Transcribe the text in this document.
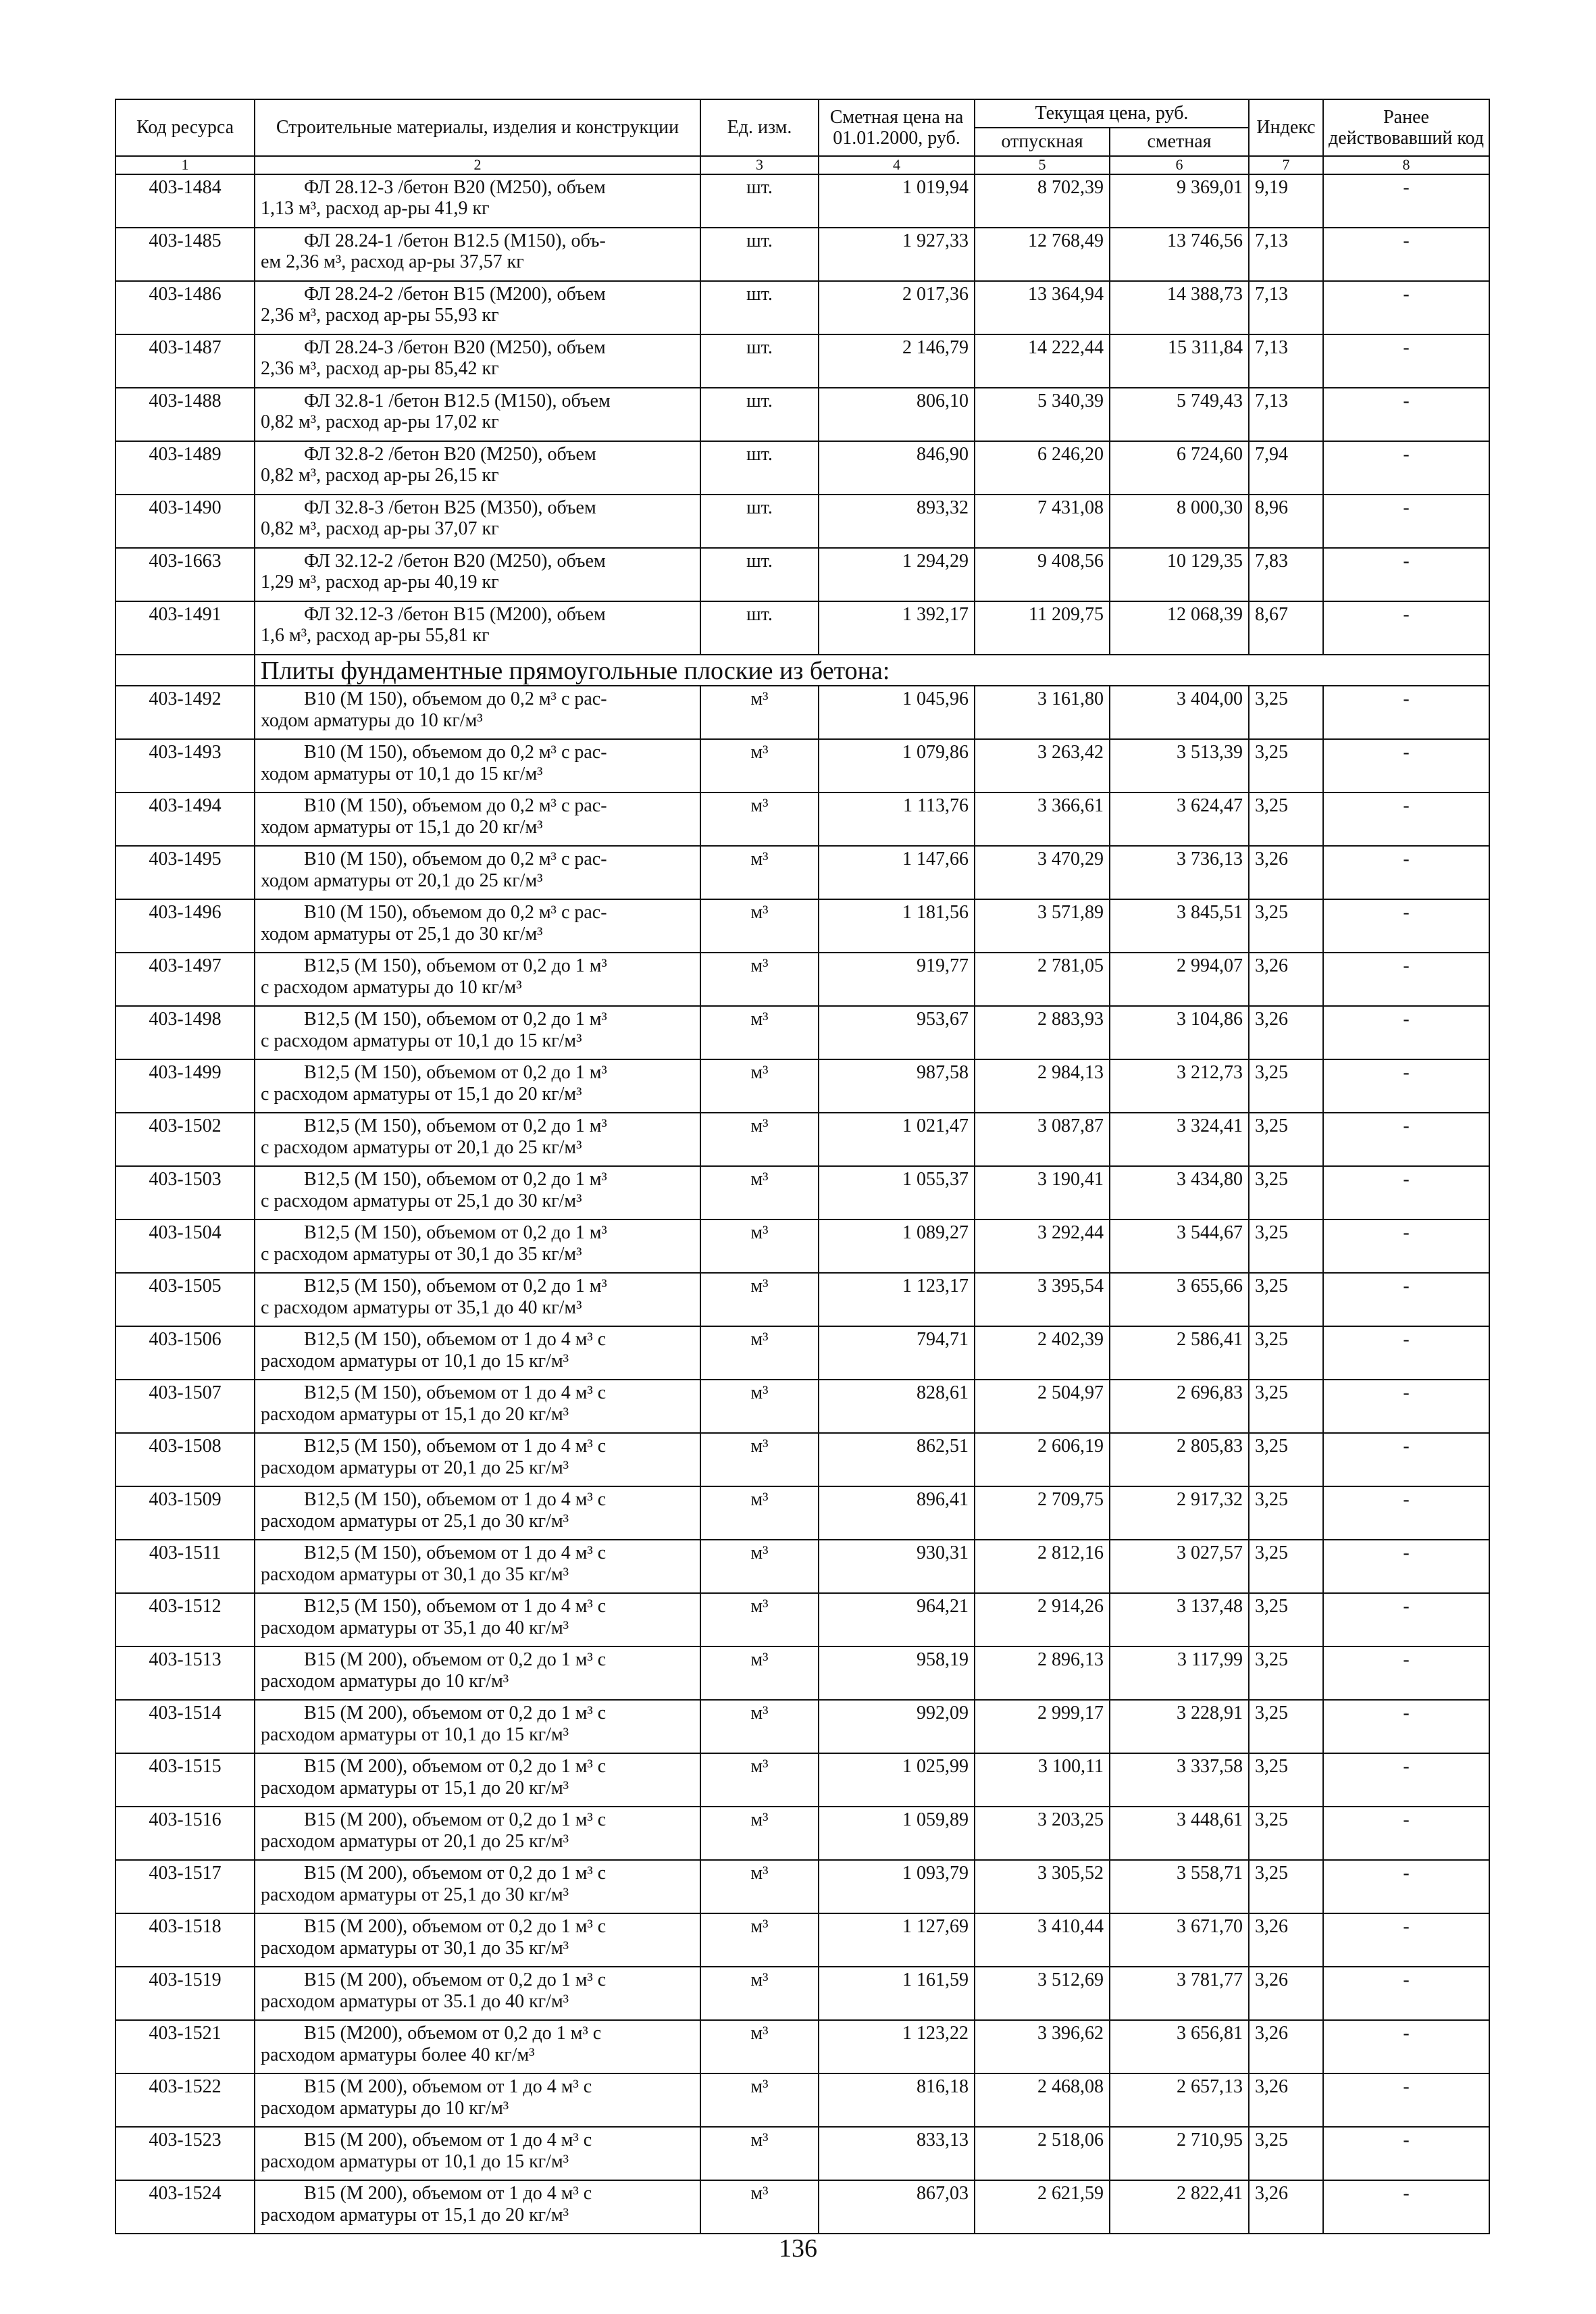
Код ресурса	Строительные материалы, изделия и конструкции	Ед. изм.	Сметная цена на 01.01.2000, руб.	Текущая цена, руб.		Индекс	Ранее действовавший код
				отпускная	сметная		
1	2	3	4	5	6	7	8
403-1484	ФЛ 28.12-3 /бетон В20 (М250), объем
1,13 м³, расход ар-ры 41,9 кг	шт.	1 019,94	8 702,39	9 369,01	9,19	-
403-1485	ФЛ 28.24-1 /бетон В12.5 (М150), объ-
ем 2,36 м³, расход ар-ры 37,57 кг	шт.	1 927,33	12 768,49	13 746,56	7,13	-
403-1486	ФЛ 28.24-2 /бетон В15 (М200), объем
2,36 м³, расход ар-ры 55,93 кг	шт.	2 017,36	13 364,94	14 388,73	7,13	-
403-1487	ФЛ 28.24-3 /бетон В20 (М250), объем
2,36 м³, расход ар-ры 85,42 кг	шт.	2 146,79	14 222,44	15 311,84	7,13	-
403-1488	ФЛ 32.8-1 /бетон В12.5 (М150), объем
0,82 м³, расход ар-ры 17,02 кг	шт.	806,10	5 340,39	5 749,43	7,13	-
403-1489	ФЛ 32.8-2 /бетон В20 (М250), объем
0,82 м³, расход ар-ры 26,15 кг	шт.	846,90	6 246,20	6 724,60	7,94	-
403-1490	ФЛ 32.8-3 /бетон В25 (М350), объем
0,82 м³, расход ар-ры 37,07 кг	шт.	893,32	7 431,08	8 000,30	8,96	-
403-1663	ФЛ 32.12-2 /бетон В20 (М250), объем
1,29 м³, расход ар-ры 40,19 кг	шт.	1 294,29	9 408,56	10 129,35	7,83	-
403-1491	ФЛ 32.12-3 /бетон В15 (М200), объем
1,6 м³, расход ар-ры 55,81 кг	шт.	1 392,17	11 209,75	12 068,39	8,67	-
	Плиты фундаментные прямоугольные плоские из бетона:						
403-1492	В10 (М 150), объемом до 0,2 м³ с рас-
ходом арматуры до 10 кг/м³	м³	1 045,96	3 161,80	3 404,00	3,25	-
403-1493	В10 (М 150), объемом до 0,2 м³ с рас-
ходом арматуры от 10,1 до 15 кг/м³	м³	1 079,86	3 263,42	3 513,39	3,25	-
403-1494	В10 (М 150), объемом до 0,2 м³ с рас-
ходом арматуры от 15,1 до 20 кг/м³	м³	1 113,76	3 366,61	3 624,47	3,25	-
403-1495	В10 (М 150), объемом до 0,2 м³ с рас-
ходом арматуры от 20,1 до 25 кг/м³	м³	1 147,66	3 470,29	3 736,13	3,26	-
403-1496	В10 (М 150), объемом до 0,2 м³ с рас-
ходом арматуры от 25,1 до 30 кг/м³	м³	1 181,56	3 571,89	3 845,51	3,25	-
403-1497	В12,5 (М 150), объемом от 0,2 до 1 м³
с расходом арматуры до 10 кг/м³	м³	919,77	2 781,05	2 994,07	3,26	-
403-1498	В12,5 (М 150), объемом от 0,2 до 1 м³
с расходом арматуры от 10,1 до 15 кг/м³	м³	953,67	2 883,93	3 104,86	3,26	-
403-1499	В12,5 (М 150), объемом от 0,2 до 1 м³
с расходом арматуры от 15,1 до 20 кг/м³	м³	987,58	2 984,13	3 212,73	3,25	-
403-1502	В12,5 (М 150), объемом от 0,2 до 1 м³
с расходом арматуры от 20,1 до 25 кг/м³	м³	1 021,47	3 087,87	3 324,41	3,25	-
403-1503	В12,5 (М 150), объемом от 0,2 до 1 м³
с расходом арматуры от 25,1 до 30 кг/м³	м³	1 055,37	3 190,41	3 434,80	3,25	-
403-1504	В12,5 (М 150), объемом от 0,2 до 1 м³
с расходом арматуры от 30,1 до 35 кг/м³	м³	1 089,27	3 292,44	3 544,67	3,25	-
403-1505	В12,5 (М 150), объемом от 0,2 до 1 м³
с расходом арматуры от 35,1 до 40 кг/м³	м³	1 123,17	3 395,54	3 655,66	3,25	-
403-1506	В12,5 (М 150), объемом от 1 до 4 м³ с
расходом арматуры от 10,1 до 15 кг/м³	м³	794,71	2 402,39	2 586,41	3,25	-
403-1507	В12,5 (М 150), объемом от 1 до 4 м³ с
расходом арматуры от 15,1 до 20 кг/м³	м³	828,61	2 504,97	2 696,83	3,25	-
403-1508	В12,5 (М 150), объемом от 1 до 4 м³ с
расходом арматуры от 20,1 до 25 кг/м³	м³	862,51	2 606,19	2 805,83	3,25	-
403-1509	В12,5 (М 150), объемом от 1 до 4 м³ с
расходом арматуры от 25,1 до 30 кг/м³	м³	896,41	2 709,75	2 917,32	3,25	-
403-1511	В12,5 (М 150), объемом от 1 до 4 м³ с
расходом арматуры от 30,1 до 35 кг/м³	м³	930,31	2 812,16	3 027,57	3,25	-
403-1512	В12,5 (М 150), объемом от 1 до 4 м³ с
расходом арматуры от 35,1 до 40 кг/м³	м³	964,21	2 914,26	3 137,48	3,25	-
403-1513	В15 (М 200), объемом от 0,2 до 1 м³ с
расходом арматуры до 10 кг/м³	м³	958,19	2 896,13	3 117,99	3,25	-
403-1514	В15 (М 200), объемом от 0,2 до 1 м³ с
расходом арматуры от 10,1 до 15 кг/м³	м³	992,09	2 999,17	3 228,91	3,25	-
403-1515	В15 (М 200), объемом от 0,2 до 1 м³ с
расходом арматуры от 15,1 до 20 кг/м³	м³	1 025,99	3 100,11	3 337,58	3,25	-
403-1516	В15 (М 200), объемом от 0,2 до 1 м³ с
расходом арматуры от 20,1 до 25 кг/м³	м³	1 059,89	3 203,25	3 448,61	3,25	-
403-1517	В15 (М 200), объемом от 0,2 до 1 м³ с
расходом арматуры от 25,1 до 30 кг/м³	м³	1 093,79	3 305,52	3 558,71	3,25	-
403-1518	В15 (М 200), объемом от 0,2 до 1 м³ с
расходом арматуры от 30,1 до 35 кг/м³	м³	1 127,69	3 410,44	3 671,70	3,26	-
403-1519	В15 (М 200), объемом от 0,2 до 1 м³ с
расходом арматуры от 35.1 до 40 кг/м³	м³	1 161,59	3 512,69	3 781,77	3,26	-
403-1521	В15 (М200), объемом от 0,2 до 1 м³ с
расходом арматуры более 40 кг/м³	м³	1 123,22	3 396,62	3 656,81	3,26	-
403-1522	В15 (М 200), объемом от 1 до 4 м³ с
расходом арматуры до 10 кг/м³	м³	816,18	2 468,08	2 657,13	3,26	-
403-1523	В15 (М 200), объемом от 1 до 4 м³ с
расходом арматуры от 10,1 до 15 кг/м³	м³	833,13	2 518,06	2 710,95	3,25	-
403-1524	В15 (М 200), объемом от 1 до 4 м³ с
расходом арматуры от 15,1 до 20 кг/м³	м³	867,03	2 621,59	2 822,41	3,26	-
136
